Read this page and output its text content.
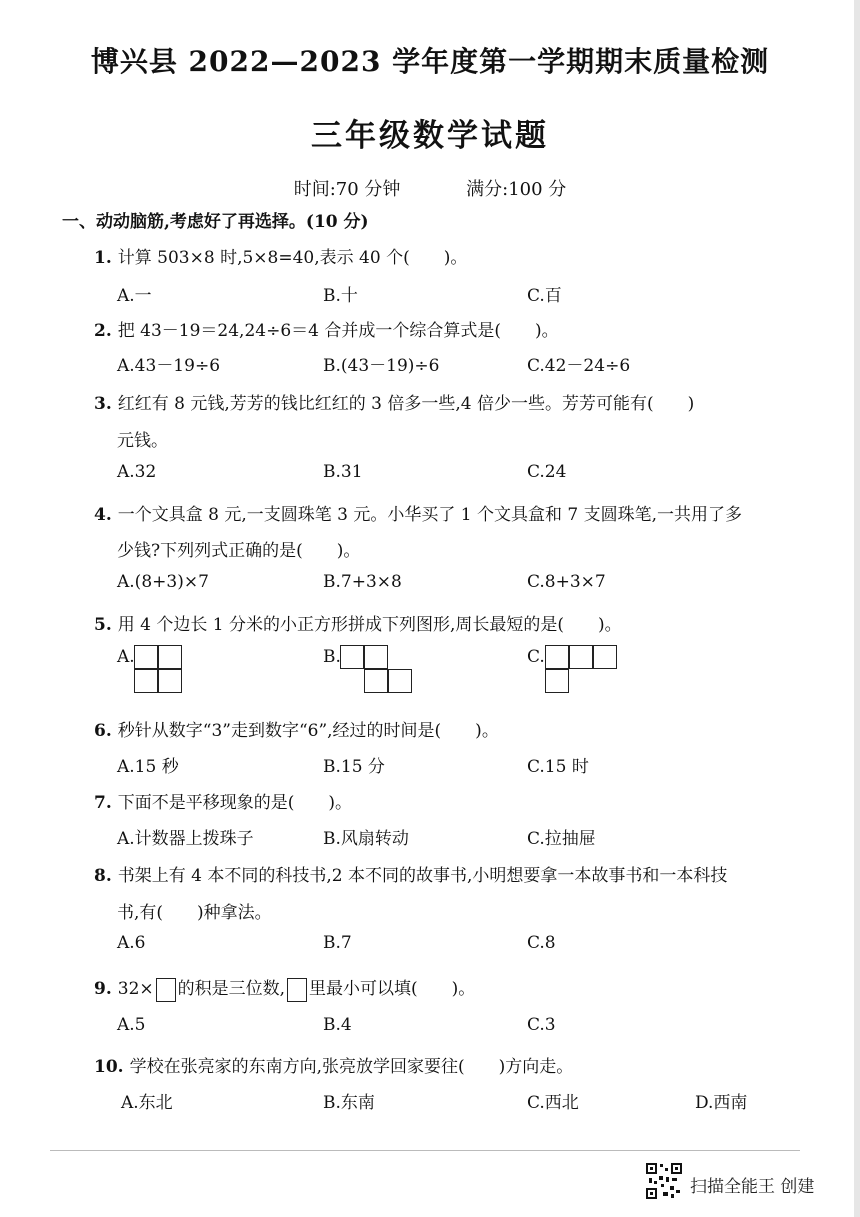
博兴县 2022—2023 学年度第一学期期末质量检测
三年级数学试题
时间:70 分钟	满分:100 分
一、动动脑筋,考虑好了再选择。(10 分)
1. 计算 503×8 时,5×8=40,表示 40 个(　　)。
A.一	B.十	C.百
2. 把 43－19＝24,24÷6＝4 合并成一个综合算式是(　　)。
A.43－19÷6	B.(43－19)÷6	C.42－24÷6
3. 红红有 8 元钱,芳芳的钱比红红的 3 倍多一些,4 倍少一些。芳芳可能有(　　)
元钱。
A.32	B.31	C.24
4. 一个文具盒 8 元,一支圆珠笔 3 元。小华买了 1 个文具盒和 7 支圆珠笔,一共用了多
少钱?下列列式正确的是(　　)。
A.(8+3)×7	B.7+3×8	C.8+3×7
5. 用 4 个边长 1 分米的小正方形拼成下列图形,周长最短的是(　　)。
A.	B.	C.
6. 秒针从数字“3”走到数字“6”,经过的时间是(　　)。
A.15 秒	B.15 分	C.15 时
7. 下面不是平移现象的是(　　)。
A.计数器上拨珠子	B.风扇转动	C.拉抽屉
8. 书架上有 4 本不同的科技书,2 本不同的故事书,小明想要拿一本故事书和一本科技
书,有(　　)种拿法。
A.6	B.7	C.8
9. 32× 的积是三位数, 里最小可以填(　　)。
A.5	B.4	C.3
10. 学校在张亮家的东南方向,张亮放学回家要往(　　)方向走。
A.东北	B.东南	C.西北	D.西南
扫描全能王 创建
